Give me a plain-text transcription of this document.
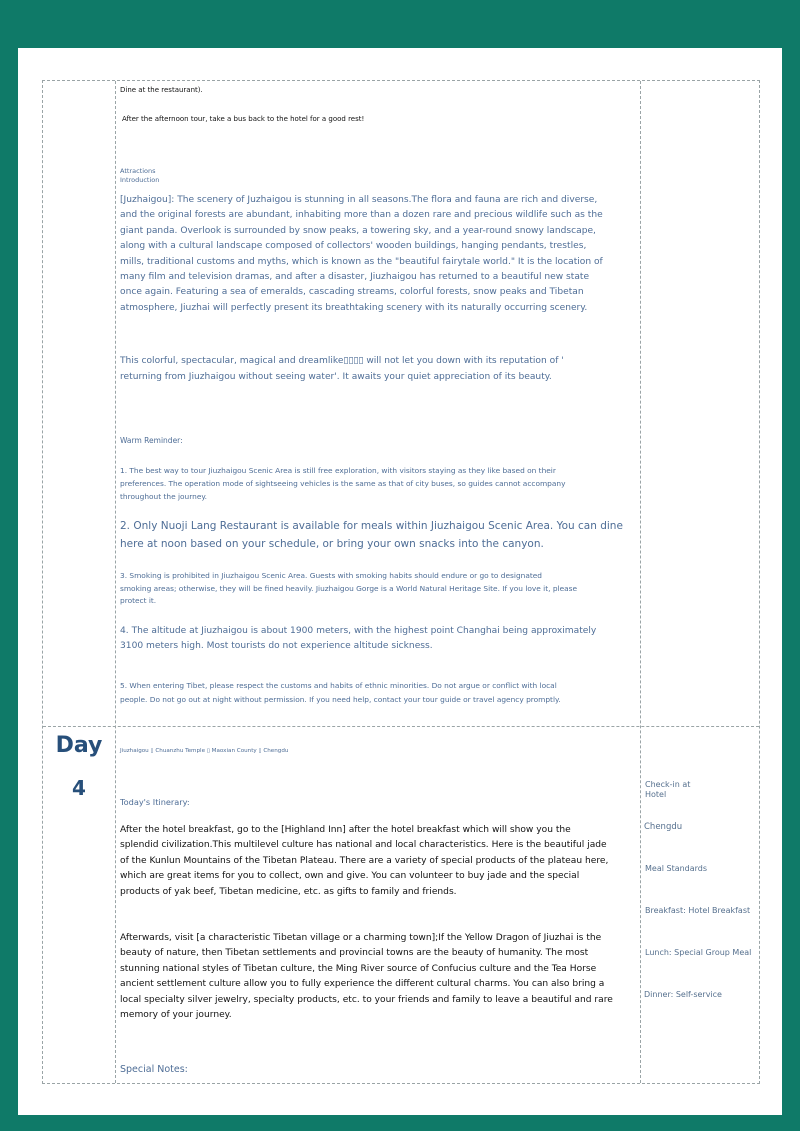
Dine at the restaurant).

After the afternoon tour, take a bus back to the hotel for a good rest!

Attractions
Introduction
[Juzhaigou]: The scenery of Juzhaigou is stunning in all seasons.The flora and fauna are rich and diverse,
and the original forests are abundant, inhabiting more than a dozen rare and precious wildlife such as the
giant panda. Overlook is surrounded by snow peaks, a towering sky, and a year-round snowy landscape,
along with a cultural landscape composed of collectors' wooden buildings, hanging pendants, trestles,
mills, traditional customs and myths, which is known as the "beautiful fairytale world." It is the location of
many film and television dramas, and after a disaster, Jiuzhaigou has returned to a beautiful new state
once again. Featuring a sea of emeralds, cascading streams, colorful forests, snow peaks and Tibetan
atmosphere, Jiuzhai will perfectly present its breathtaking scenery with its naturally occurring scenery.
This colorful, spectacular, magical and dreamlike▯▯▯▯ will not let you down with its reputation of '
returning from Jiuzhaigou without seeing water'. It awaits your quiet appreciation of its beauty.

Warm Reminder:

1. The best way to tour Jiuzhaigou Scenic Area is still free exploration, with visitors staying as they like based on their
preferences. The operation mode of sightseeing vehicles is the same as that of city buses, so guides cannot accompany
throughout the journey.
2. Only Nuoji Lang Restaurant is available for meals within Jiuzhaigou Scenic Area. You can dine
here at noon based on your schedule, or bring your own snacks into the canyon.
3. Smoking is prohibited in Jiuzhaigou Scenic Area. Guests with smoking habits should endure or go to designated
smoking areas; otherwise, they will be fined heavily. Jiuzhaigou Gorge is a World Natural Heritage Site. If you love it, please
protect it.
4. The altitude at Jiuzhaigou is about 1900 meters, with the highest point Changhai being approximately
3100 meters high. Most tourists do not experience altitude sickness.
5. When entering Tibet, please respect the customs and habits of ethnic minorities. Do not argue or conflict with local
people. Do not go out at night without permission. If you need help, contact your tour guide or travel agency promptly.
Day
4

Jiuzhaigou ▯ Chuanzhu Temple ▯ Maoxian County ▯ Chengdu

Today's Itinerary:

After the hotel breakfast, go to the [Highland Inn] after the hotel breakfast which will show you the
splendid civilization.This multilevel culture has national and local characteristics. Here is the beautiful jade
of the Kunlun Mountains of the Tibetan Plateau. There are a variety of special products of the plateau here,
which are great items for you to collect, own and give. You can volunteer to buy jade and the special
products of yak beef, Tibetan medicine, etc. as gifts to family and friends.
Afterwards, visit [a characteristic Tibetan village or a charming town];If the Yellow Dragon of Jiuzhai is the
beauty of nature, then Tibetan settlements and provincial towns are the beauty of humanity. The most
stunning national styles of Tibetan culture, the Ming River source of Confucius culture and the Tea Horse
ancient settlement culture allow you to fully experience the different cultural charms. You can also bring a
local specialty silver jewelry, specialty products, etc. to your friends and family to leave a beautiful and rare
memory of your journey.

Special Notes:

Check-in at
Hotel

Chengdu

Meal Standards

Breakfast: Hotel Breakfast

Lunch: Special Group Meal

Dinner: Self-service
